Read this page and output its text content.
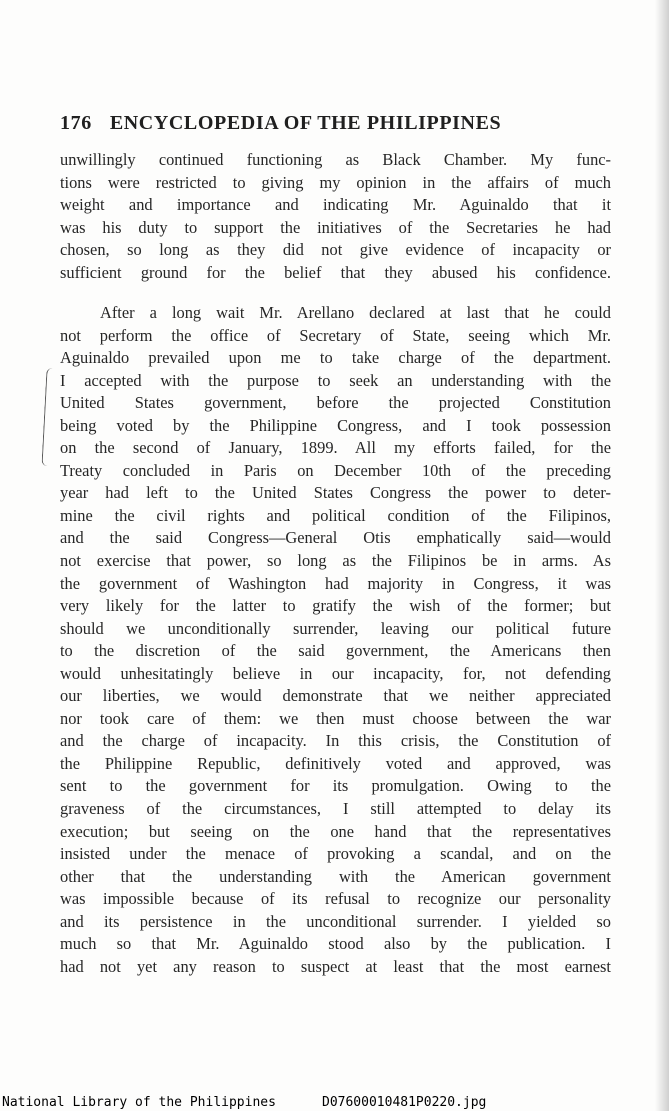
176 ENCYCLOPEDIA OF THE PHILIPPINES
unwillingly continued functioning as Black Chamber. My func-
tions were restricted to giving my opinion in the affairs of much
weight and importance and indicating Mr. Aguinaldo that it
was his duty to support the initiatives of the Secretaries he had
chosen, so long as they did not give evidence of incapacity or
sufficient ground for the belief that they abused his confidence.
After a long wait Mr. Arellano declared at last that he could
not perform the office of Secretary of State, seeing which Mr.
Aguinaldo prevailed upon me to take charge of the department.
I accepted with the purpose to seek an understanding with the
United States government, before the projected Constitution
being voted by the Philippine Congress, and I took possession
on the second of January, 1899. All my efforts failed, for the
Treaty concluded in Paris on December 10th of the preceding
year had left to the United States Congress the power to deter-
mine the civil rights and political condition of the Filipinos,
and the said Congress—General Otis emphatically said—would
not exercise that power, so long as the Filipinos be in arms. As
the government of Washington had majority in Congress, it was
very likely for the latter to gratify the wish of the former; but
should we unconditionally surrender, leaving our political future
to the discretion of the said government, the Americans then
would unhesitatingly believe in our incapacity, for, not defending
our liberties, we would demonstrate that we neither appreciated
nor took care of them: we then must choose between the war
and the charge of incapacity. In this crisis, the Constitution of
the Philippine Republic, definitively voted and approved, was
sent to the government for its promulgation. Owing to the
graveness of the circumstances, I still attempted to delay its
execution; but seeing on the one hand that the representatives
insisted under the menace of provoking a scandal, and on the
other that the understanding with the American government
was impossible because of its refusal to recognize our personality
and its persistence in the unconditional surrender. I yielded so
much so that Mr. Aguinaldo stood also by the publication. I
had not yet any reason to suspect at least that the most earnest
National Library of the Philippines	D07600010481P0220.jpg
